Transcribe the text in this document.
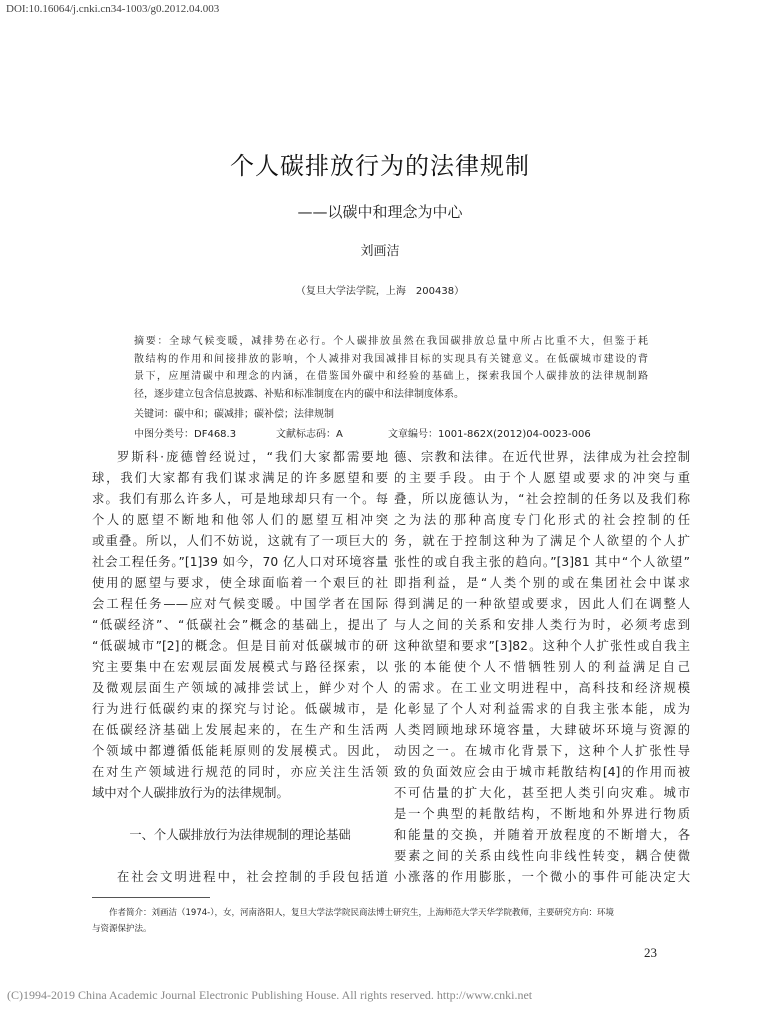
DOI:10.16064/j.cnki.cn34-1003/g0.2012.04.003
个人碳排放行为的法律规制
——以碳中和理念为中心
刘画洁
（复旦大学法学院，上海　200438）
摘要：全球气候变暖，减排势在必行。个人碳排放虽然在我国碳排放总量中所占比重不大，但鉴于耗
散结构的作用和间接排放的影响，个人减排对我国减排目标的实现具有关键意义。在低碳城市建设的背
景下，应厘清碳中和理念的内涵，在借鉴国外碳中和经验的基础上，探索我国个人碳排放的法律规制路
径，逐步建立包含信息披露、补贴和标准制度在内的碳中和法律制度体系。
关键词：碳中和；碳减排；碳补偿；法律规制
中图分类号：DF468.3	文献标志码：A	文章编号：1001-862X(2012)04-0023-006
罗斯科·庞德曾经说过，“我们大家都需要地
球，我们大家都有我们谋求满足的许多愿望和要
求。我们有那么许多人，可是地球却只有一个。每
个人的愿望不断地和他邻人们的愿望互相冲突
或重叠。所以，人们不妨说，这就有了一项巨大的
社会工程任务。”[1]39 如今，70 亿人口对环境容量
使用的愿望与要求，使全球面临着一个艰巨的社
会工程任务——应对气候变暖。中国学者在国际
“低碳经济”、“低碳社会”概念的基础上，提出了
“低碳城市”[2]的概念。但是目前对低碳城市的研
究主要集中在宏观层面发展模式与路径探索，以
及微观层面生产领域的减排尝试上，鲜少对个人
行为进行低碳约束的探究与讨论。低碳城市，是
在低碳经济基础上发展起来的，在生产和生活两
个领域中都遵循低能耗原则的发展模式。因此，
在对生产领域进行规范的同时，亦应关注生活领
域中对个人碳排放行为的法律规制。
一、个人碳排放行为法律规制的理论基础
在社会文明进程中，社会控制的手段包括道
德、宗教和法律。在近代世界，法律成为社会控制
的主要手段。由于个人愿望或要求的冲突与重
叠，所以庞德认为，“社会控制的任务以及我们称
之为法的那种高度专门化形式的社会控制的任
务，就在于控制这种为了满足个人欲望的个人扩
张性的或自我主张的趋向。”[3]81 其中“个人欲望”
即指利益，是“人类个别的或在集团社会中谋求
得到满足的一种欲望或要求，因此人们在调整人
与人之间的关系和安排人类行为时，必须考虑到
这种欲望和要求”[3]82。这种个人扩张性或自我主
张的本能使个人不惜牺牲别人的利益满足自己
的需求。在工业文明进程中，高科技和经济规模
化彰显了个人对利益需求的自我主张本能，成为
人类罔顾地球环境容量，大肆破坏环境与资源的
动因之一。在城市化背景下，这种个人扩张性导
致的负面效应会由于城市耗散结构[4]的作用而被
不可估量的扩大化，甚至把人类引向灾难。城市
是一个典型的耗散结构，不断地和外界进行物质
和能量的交换，并随着开放程度的不断增大，各
要素之间的关系由线性向非线性转变，耦合使微
小涨落的作用膨胀，一个微小的事件可能决定大
　　作者简介：刘画洁（1974-），女，河南洛阳人，复旦大学法学院民商法博士研究生，上海师范大学天华学院教师，主要研究方向：环境
与资源保护法。
23
(C)1994-2019 China Academic Journal Electronic Publishing House. All rights reserved. http://www.cnki.net
